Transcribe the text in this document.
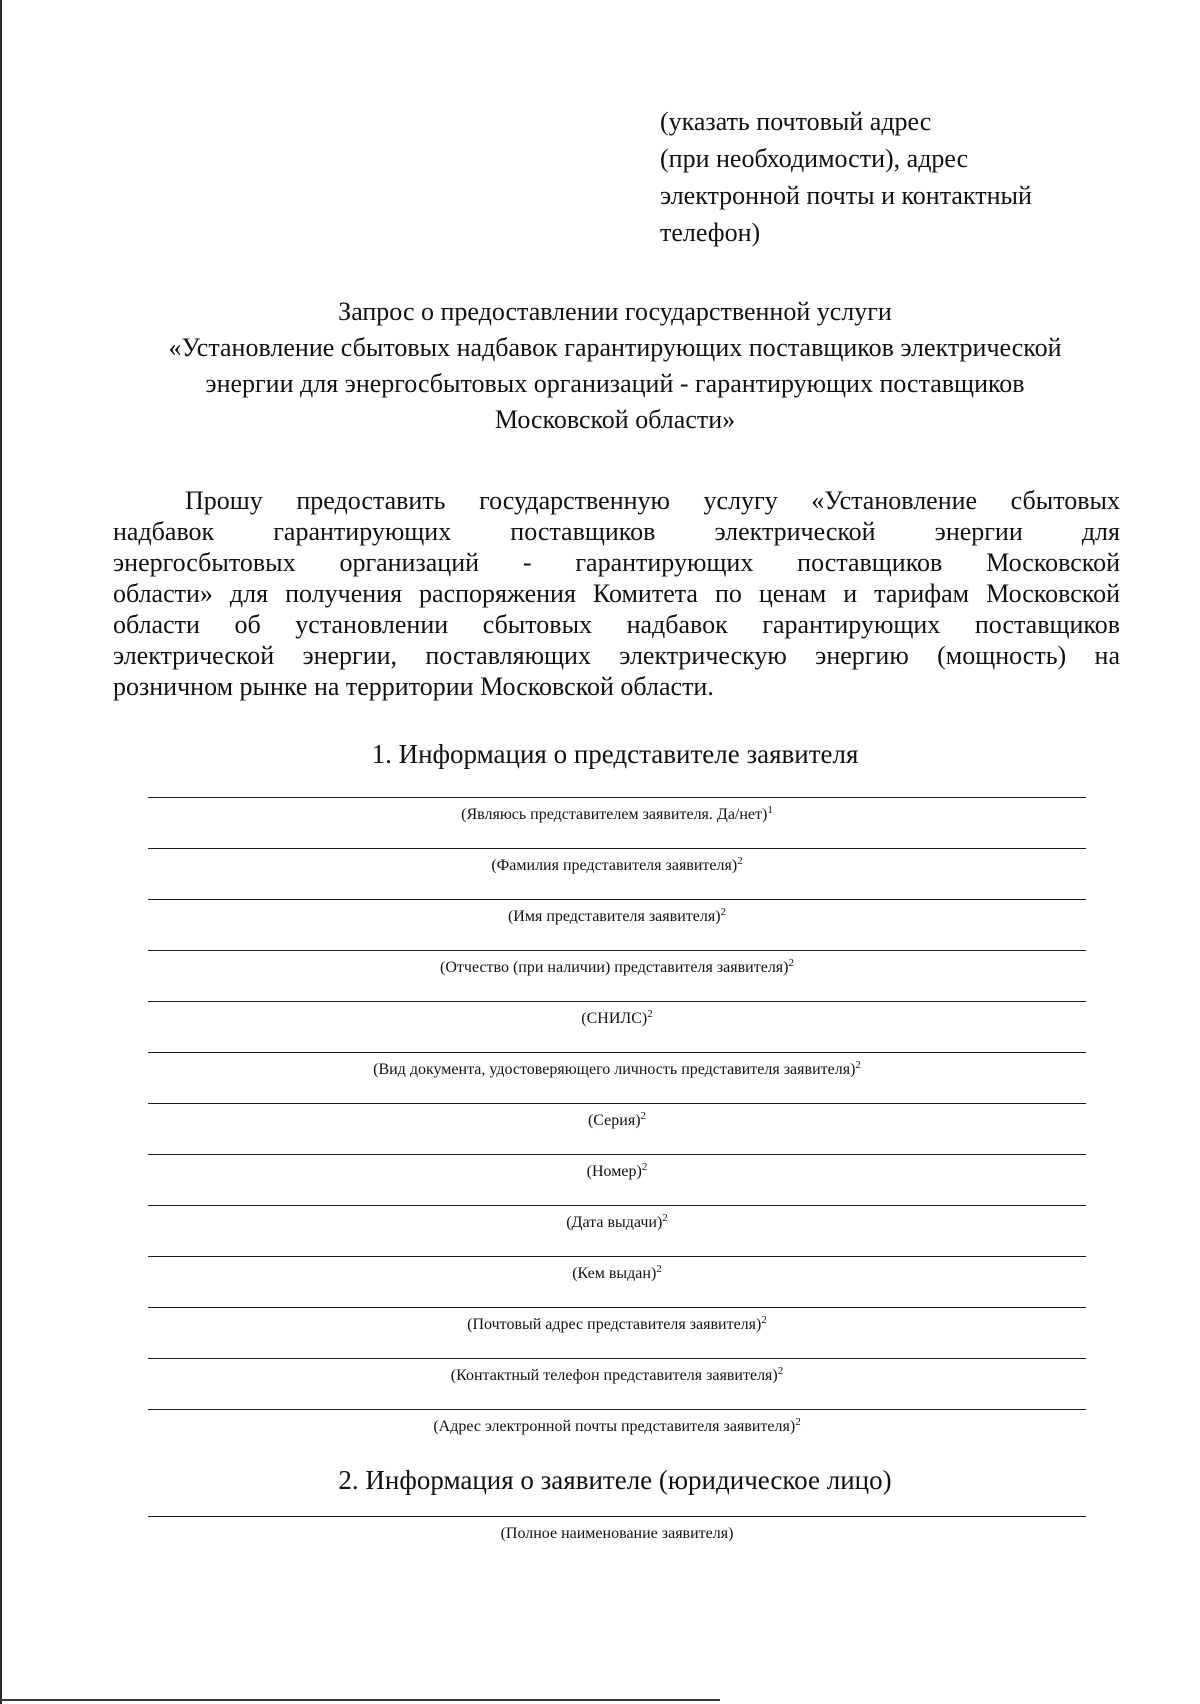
(указать почтовый адрес
(при необходимости), адрес
электронной почты и контактный
телефон)
Запрос о предоставлении государственной услуги
«Установление сбытовых надбавок гарантирующих поставщиков электрической
энергии для энергосбытовых организаций - гарантирующих поставщиков
Московской области»
Прошу предоставить государственную услугу «Установление сбытовых
надбавок гарантирующих поставщиков электрической энергии для
энергосбытовых организаций - гарантирующих поставщиков Московской
области» для получения распоряжения Комитета по ценам и тарифам Московской
области об установлении сбытовых надбавок гарантирующих поставщиков
электрической энергии, поставляющих электрическую энергию (мощность) на
розничном рынке на территории Московской области.
1. Информация о представителе заявителя
(Являюсь представителем заявителя. Да/нет)$^1$
(Фамилия представителя заявителя)$^2$
(Имя представителя заявителя)$^2$
(Отчество (при наличии) представителя заявителя)$^2$
(СНИЛС)$^2$
(Вид документа, удостоверяющего личность представителя заявителя)$^2$
(Серия)$^2$
(Номер)$^2$
(Дата выдачи)$^2$
(Кем выдан)$^2$
(Почтовый адрес представителя заявителя)$^2$
(Контактный телефон представителя заявителя)$^2$
(Адрес электронной почты представителя заявителя)$^2$
2. Информация о заявителе (юридическое лицо)
(Полное наименование заявителя)
